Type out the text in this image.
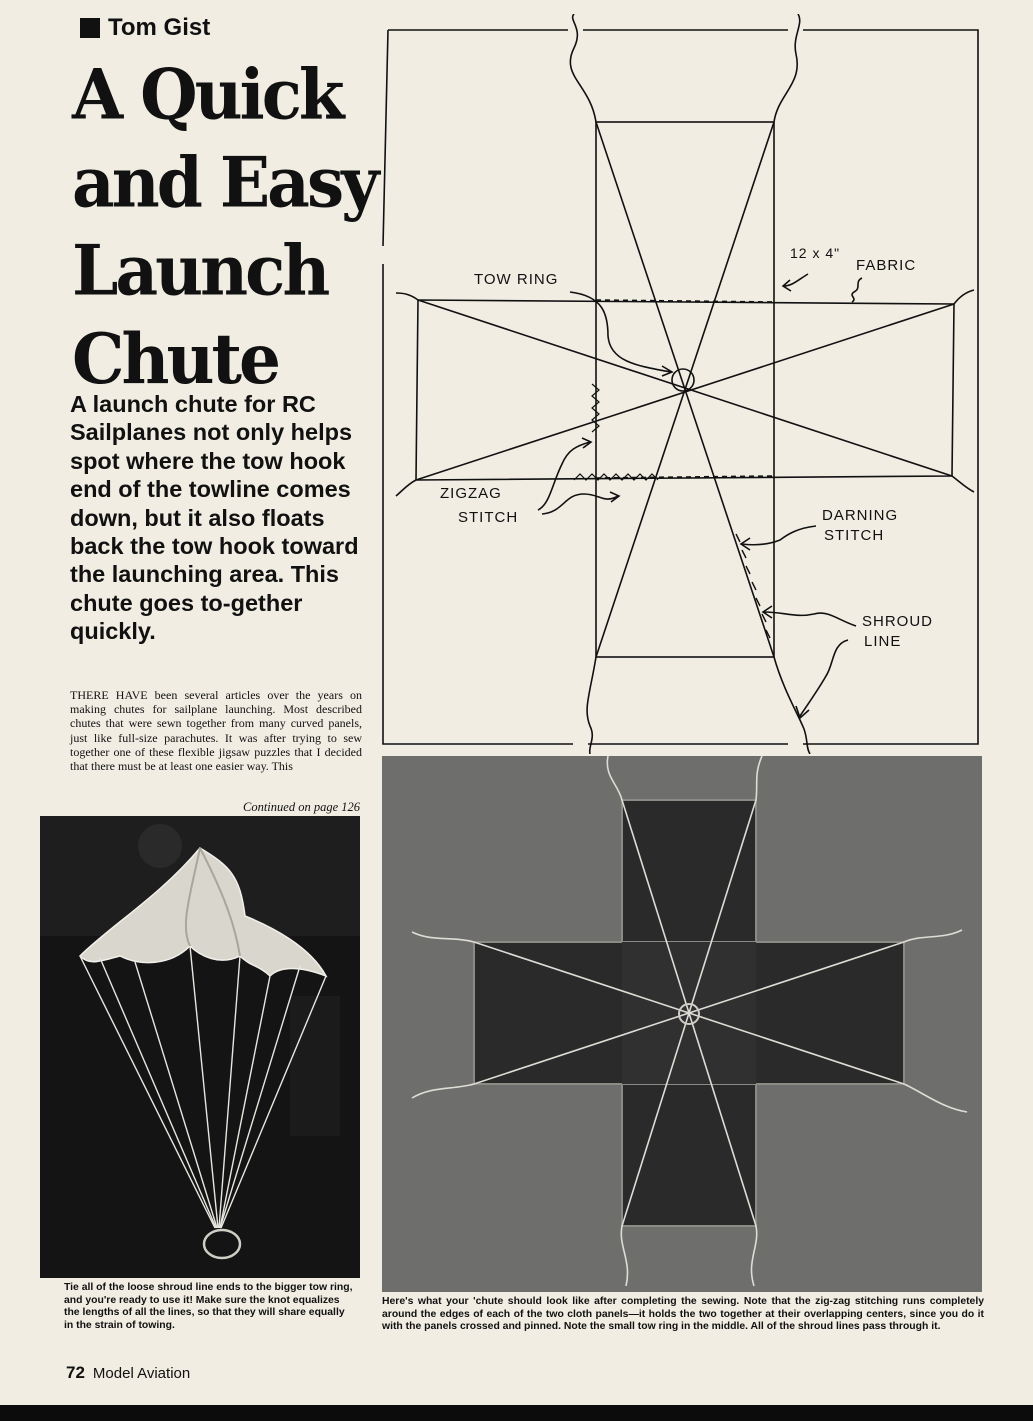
Tom Gist
A Quick
and Easy
Launch
Chute
A launch chute for RC Sailplanes not only helps spot where the tow hook end of the towline comes down, but it also floats back the tow hook toward the launching area. This chute goes to-gether quickly.
THERE HAVE been several articles over the years on making chutes for sailplane launching. Most described chutes that were sewn together from many curved panels, just like full-size parachutes. It was after trying to sew together one of these flexible jigsaw puzzles that I decided that there must be at least one easier way. This
Continued on page 126
12 x 4"
FABRIC
TOW RING
ZIGZAG
STITCH	DARNING
STITCH
SHROUD
LINE
Tie all of the loose shroud line ends to the bigger tow ring, and you're ready to use it! Make sure the knot equalizes the lengths of all the lines, so that they will share equally in the strain of towing.
Here's what your 'chute should look like after completing the sewing. Note that the zig-zag stitching runs completely around the edges of each of the two cloth panels—it holds the two together at their overlapping centers, since you do it with the panels crossed and pinned. Note the small tow ring in the middle. All of the shroud lines pass through it.
72 Model Aviation
